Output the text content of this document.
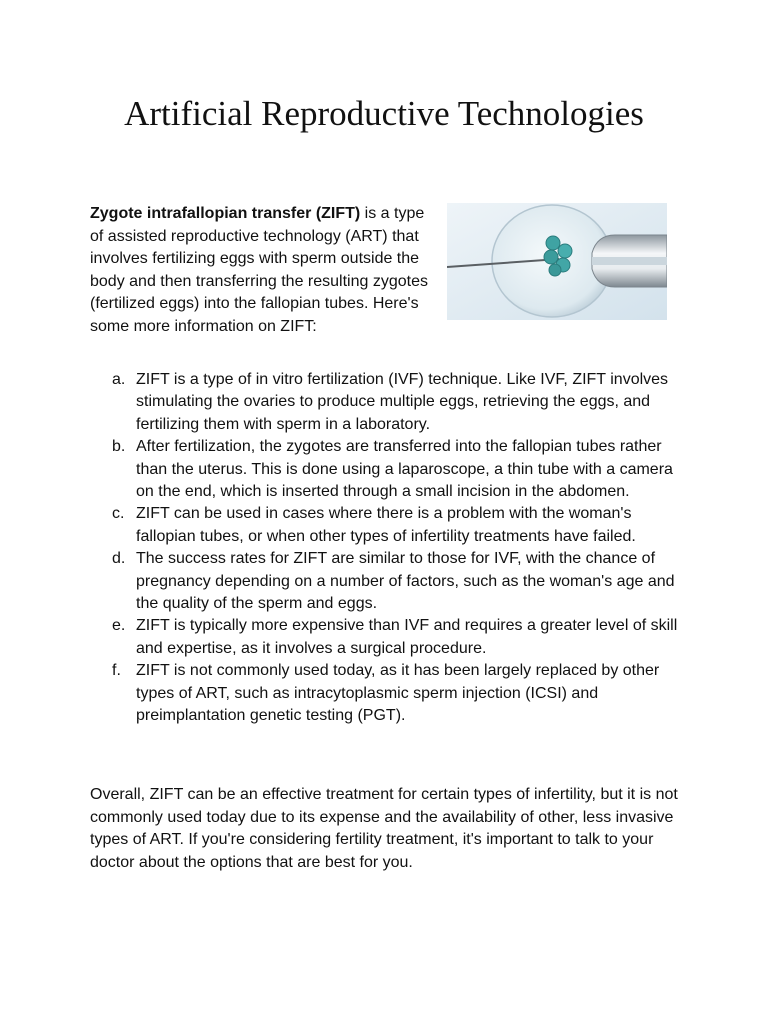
Artificial Reproductive Technologies

Zygote intrafallopian transfer (ZIFT) is a type of assisted reproductive technology (ART) that involves fertilizing eggs with sperm outside the body and then transferring the resulting zygotes (fertilized eggs) into the fallopian tubes. Here's some more information on ZIFT:

a. ZIFT is a type of in vitro fertilization (IVF) technique. Like IVF, ZIFT involves stimulating the ovaries to produce multiple eggs, retrieving the eggs, and fertilizing them with sperm in a laboratory.
b. After fertilization, the zygotes are transferred into the fallopian tubes rather than the uterus. This is done using a laparoscope, a thin tube with a camera on the end, which is inserted through a small incision in the abdomen.
c. ZIFT can be used in cases where there is a problem with the woman's fallopian tubes, or when other types of infertility treatments have failed.
d. The success rates for ZIFT are similar to those for IVF, with the chance of pregnancy depending on a number of factors, such as the woman's age and the quality of the sperm and eggs.
e. ZIFT is typically more expensive than IVF and requires a greater level of skill and expertise, as it involves a surgical procedure.
f. ZIFT is not commonly used today, as it has been largely replaced by other types of ART, such as intracytoplasmic sperm injection (ICSI) and preimplantation genetic testing (PGT).

Overall, ZIFT can be an effective treatment for certain types of infertility, but it is not commonly used today due to its expense and the availability of other, less invasive types of ART. If you're considering fertility treatment, it's important to talk to your doctor about the options that are best for you.
